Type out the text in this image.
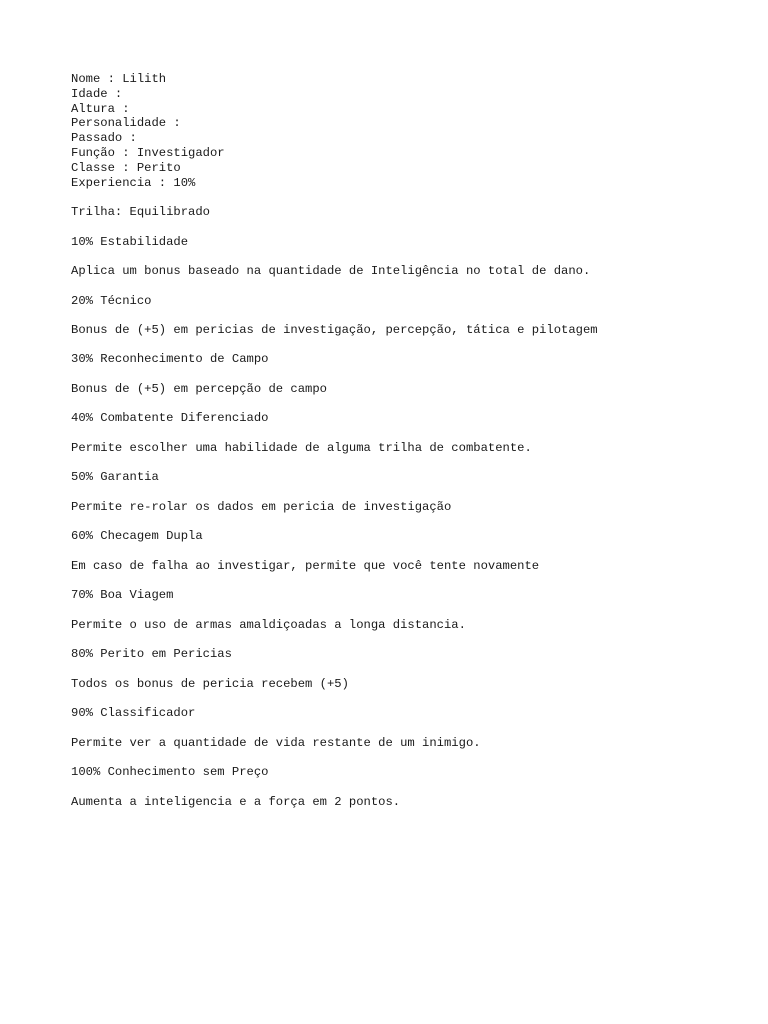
Nome : Lilith
Idade :
Altura :
Personalidade :
Passado :
Função : Investigador
Classe : Perito
Experiencia : 10%

Trilha: Equilibrado

10% Estabilidade

Aplica um bonus baseado na quantidade de Inteligência no total de dano.

20% Técnico

Bonus de (+5) em pericias de investigação, percepção, tática e pilotagem

30% Reconhecimento de Campo

Bonus de (+5) em percepção de campo

40% Combatente Diferenciado

Permite escolher uma habilidade de alguma trilha de combatente.

50% Garantia

Permite re-rolar os dados em pericia de investigação

60% Checagem Dupla

Em caso de falha ao investigar, permite que você tente novamente

70% Boa Viagem

Permite o uso de armas amaldiçoadas a longa distancia.

80% Perito em Pericias

Todos os bonus de pericia recebem (+5)

90% Classificador

Permite ver a quantidade de vida restante de um inimigo.

100% Conhecimento sem Preço

Aumenta a inteligencia e a força em 2 pontos.
